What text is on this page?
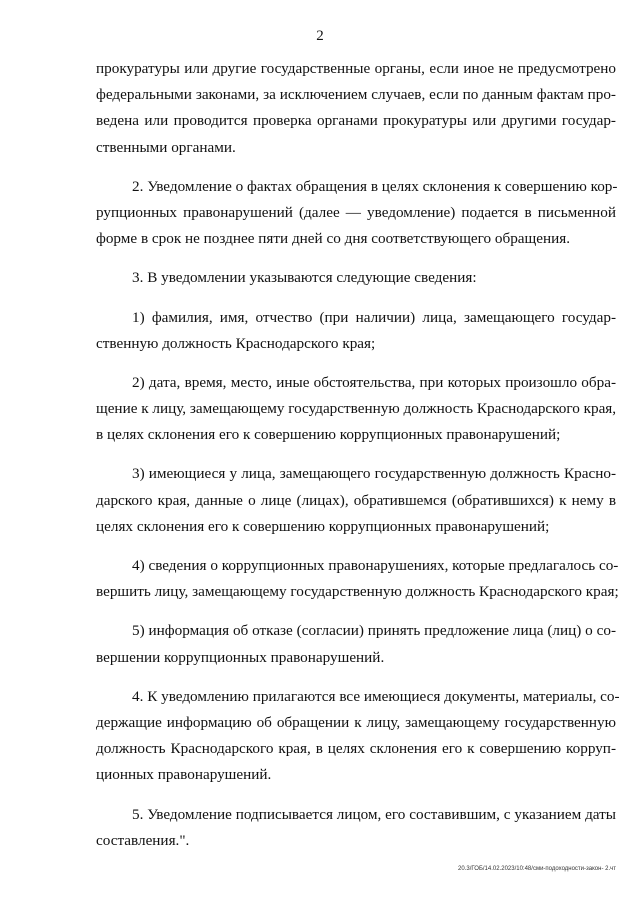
2
прокуратуры или другие государственные органы, если иное не предусмотрено
федеральными законами, за исключением случаев, если по данным фактам про-
ведена или проводится проверка органами прокуратуры или другими государ-
ственными органами.
2. Уведомление о фактах обращения в целях склонения к совершению кор-
рупционных правонарушений (далее — уведомление) подается в письменной
форме в срок не позднее пяти дней со дня соответствующего обращения.
3. В уведомлении указываются следующие сведения:
1) фамилия, имя, отчество (при наличии) лица, замещающего государ-
ственную должность Краснодарского края;
2) дата, время, место, иные обстоятельства, при которых произошло обра-
щение к лицу, замещающему государственную должность Краснодарского края,
в целях склонения его к совершению коррупционных правонарушений;
3) имеющиеся у лица, замещающего государственную должность Красно-
дарского края, данные о лице (лицах), обратившемся (обратившихся) к нему в
целях склонения его к совершению коррупционных правонарушений;
4) сведения о коррупционных правонарушениях, которые предлагалось со-
вершить лицу, замещающему государственную должность Краснодарского края;
5) информация об отказе (согласии) принять предложение лица (лиц) о со-
вершении коррупционных правонарушений.
4. К уведомлению прилагаются все имеющиеся документы, материалы, со-
держащие информацию об обращении к лицу, замещающему государственную
должность Краснодарского края, в целях склонения его к совершению корруп-
ционных правонарушений.
5. Уведомление подписывается лицом, его составившим, с указанием даты
составления.".
20.3/ГОБ/14.02.2023/10:48/сми-подоходности-закон- 2.чт
